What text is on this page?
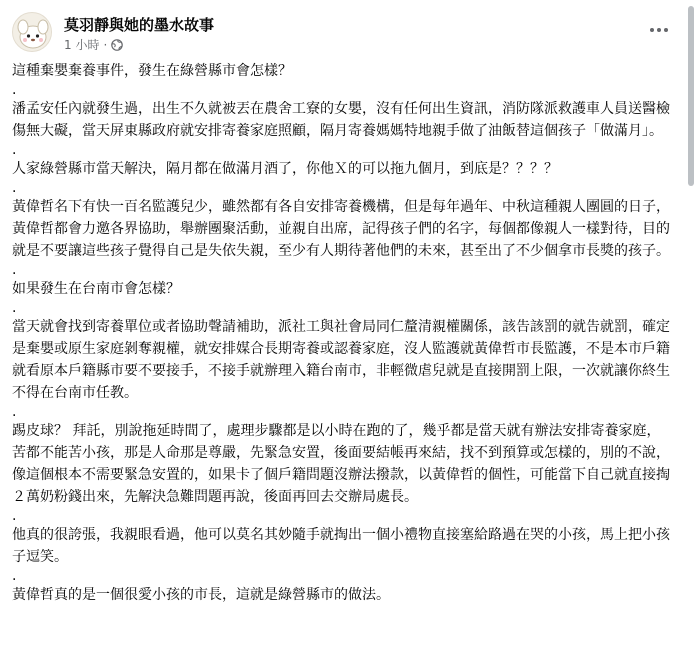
莫羽靜與她的墨水故事
1 小時 ·

這種棄嬰棄養事件，發生在綠營縣市會怎樣？

.

潘孟安任內就發生過，出生不久就被丟在農舍工寮的女嬰，沒有任何出生資訊，消防隊派救護車人員送醫檢傷無大礙，當天屏東縣政府就安排寄養家庭照顧，隔月寄養媽媽特地親手做了油飯替這個孩子「做滿月」。

.

人家綠營縣市當天解決，隔月都在做滿月酒了，你他Ｘ的可以拖九個月，到底是？？？？

.

黃偉哲名下有快一百名監護兒少，雖然都有各自安排寄養機構，但是每年過年、中秋這種親人團圓的日子，黃偉哲都會力邀各界協助，舉辦團聚活動，並親自出席，記得孩子們的名字，每個都像親人一樣對待，目的就是不要讓這些孩子覺得自己是失依失親，至少有人期待著他們的未來，甚至出了不少個拿市長獎的孩子。

.

如果發生在台南市會怎樣？

.

當天就會找到寄養單位或者協助聲請補助，派社工與社會局同仁釐清親權關係，該告該罰的就告就罰，確定是棄嬰或原生家庭剝奪親權，就安排媒合長期寄養或認養家庭，沒人監護就黃偉哲市長監護，不是本市戶籍就看原本戶籍縣市要不要接手，不接手就辦理入籍台南市，非輕微虐兒就是直接開罰上限，一次就讓你終生不得在台南市任教。

.

踢皮球？ 拜託，別說拖延時間了，處理步驟都是以小時在跑的了，幾乎都是當天就有辦法安排寄養家庭，苦都不能苦小孩，那是人命那是尊嚴，先緊急安置，後面要結帳再來結，找不到預算或怎樣的，別的不說，像這個根本不需要緊急安置的，如果卡了個戶籍問題沒辦法撥款，以黃偉哲的個性，可能當下自己就直接掏２萬奶粉錢出來，先解決急難問題再說，後面再回去交辦局處長。

.

他真的很誇張，我親眼看過，他可以莫名其妙隨手就掏出一個小禮物直接塞給路過在哭的小孩，馬上把小孩子逗笑。

.

黃偉哲真的是一個很愛小孩的市長，這就是綠營縣市的做法。
